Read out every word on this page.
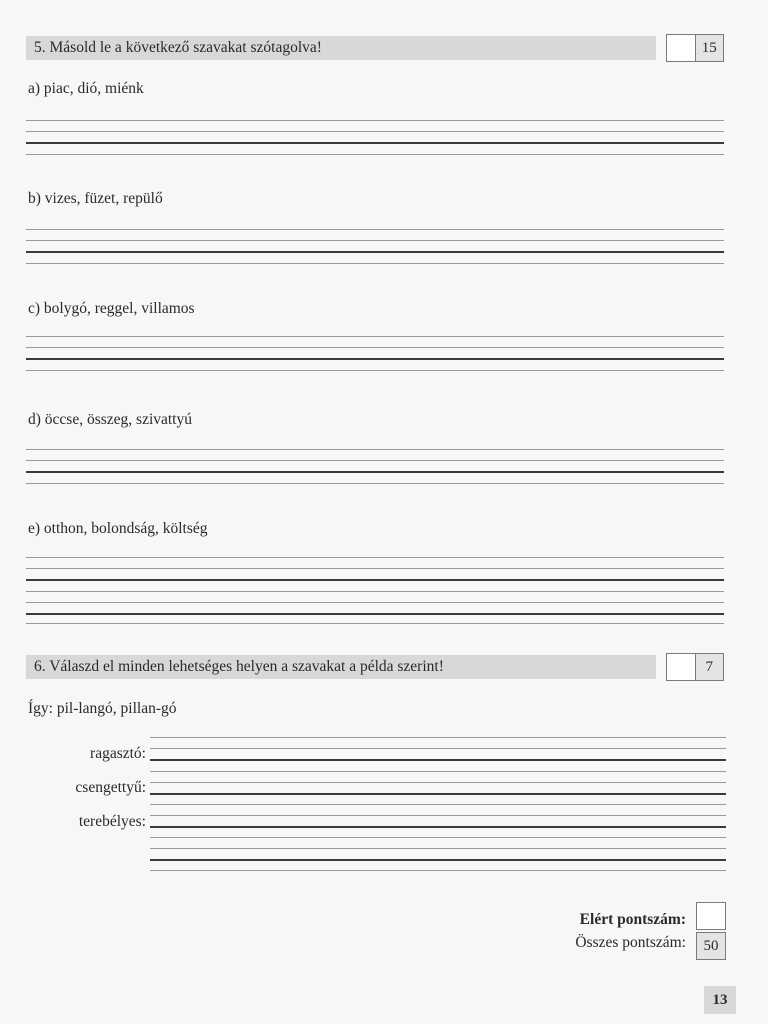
5. Másold le a következő szavakat szótagolva!	15
a) piac, dió, miénk
b) vizes, füzet, repülő
c) bolygó, reggel, villamos
d) öccse, összeg, szivattyú
e) otthon, bolondság, költség
6. Válaszd el minden lehetséges helyen a szavakat a példa szerint!	7
Így: pil-langó, pillan-gó
ragasztó:
csengettyű:
terebélyes:
Elért pontszám:
Összes pontszám:	50
13
